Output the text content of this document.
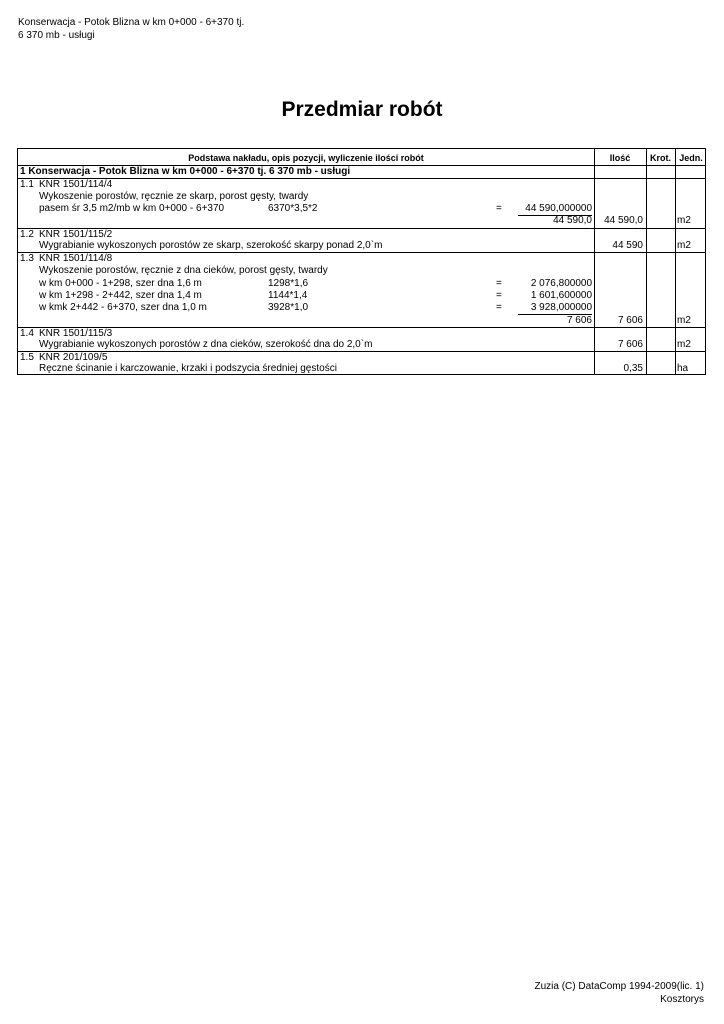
Konserwacja - Potok Blizna w km 0+000 - 6+370 tj.
6 370 mb - usługi
Przedmiar robót
Podstawa nakładu, opis pozycji, wyliczenie ilości robót	Ilość	Krot. Jedn.
1 Konserwacja - Potok Blizna w km 0+000 - 6+370 tj. 6 370 mb - usługi
1.1 KNR 1501/114/4
Wykoszenie porostów, ręcznie ze skarp, porost gęsty, twardy
pasem śr 3,5 m2/mb w km 0+000 - 6+370	6370*3,5*2	=	44 590,000000
44 590,0	44 590,0	m2
1.2 KNR 1501/115/2
Wygrabianie wykoszonych porostów ze skarp, szerokość skarpy ponad 2,0`m	44 590	m2
1.3 KNR 1501/114/8
Wykoszenie porostów, ręcznie z dna cieków, porost gęsty, twardy
w km 0+000 - 1+298, szer dna 1,6 m	1298*1,6	=	2 076,800000
w km 1+298 - 2+442, szer dna 1,4 m	1144*1,4	=	1 601,600000
w kmk 2+442 - 6+370, szer dna 1,0 m	3928*1,0	=	3 928,000000
7 606	7 606	m2
1.4 KNR 1501/115/3
Wygrabianie wykoszonych porostów z dna cieków, szerokość dna do 2,0`m	7 606	m2
1.5 KNR 201/109/5
Ręczne ścinanie i karczowanie, krzaki i podszycia średniej gęstości	0,35	ha
Zuzia (C) DataComp 1994-2009(lic. 1)
Kosztorys
